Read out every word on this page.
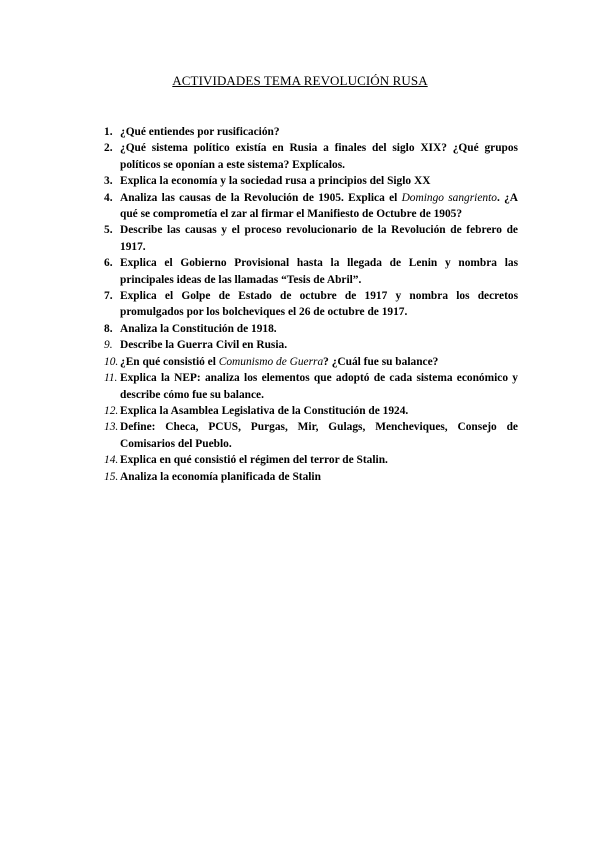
ACTIVIDADES TEMA REVOLUCIÓN RUSA
1. ¿Qué entiendes por rusificación?
2. ¿Qué sistema político existía en Rusia a finales del siglo XIX? ¿Qué grupos políticos se oponían a este sistema? Explícalos.
3. Explica la economía y la sociedad rusa a principios del Siglo XX
4. Analiza las causas de la Revolución de 1905. Explica el Domingo sangriento. ¿A qué se comprometía el zar al firmar el Manifiesto de Octubre de 1905?
5. Describe las causas y el proceso revolucionario de la Revolución de febrero de 1917.
6. Explica el Gobierno Provisional hasta la llegada de Lenin y nombra las principales ideas de las llamadas “Tesis de Abril”.
7. Explica el Golpe de Estado de octubre de 1917 y nombra los decretos promulgados por los bolcheviques el 26 de octubre de 1917.
8. Analiza la Constitución de 1918.
9. Describe la Guerra Civil en Rusia.
10. ¿En qué consistió el Comunismo de Guerra? ¿Cuál fue su balance?
11. Explica la NEP: analiza los elementos que adoptó de cada sistema económico y describe cómo fue su balance.
12. Explica la Asamblea Legislativa de la Constitución de 1924.
13. Define: Checa, PCUS, Purgas, Mir, Gulags, Mencheviques, Consejo de Comisarios del Pueblo.
14. Explica en qué consistió el régimen del terror de Stalin.
15. Analiza la economía planificada de Stalin
